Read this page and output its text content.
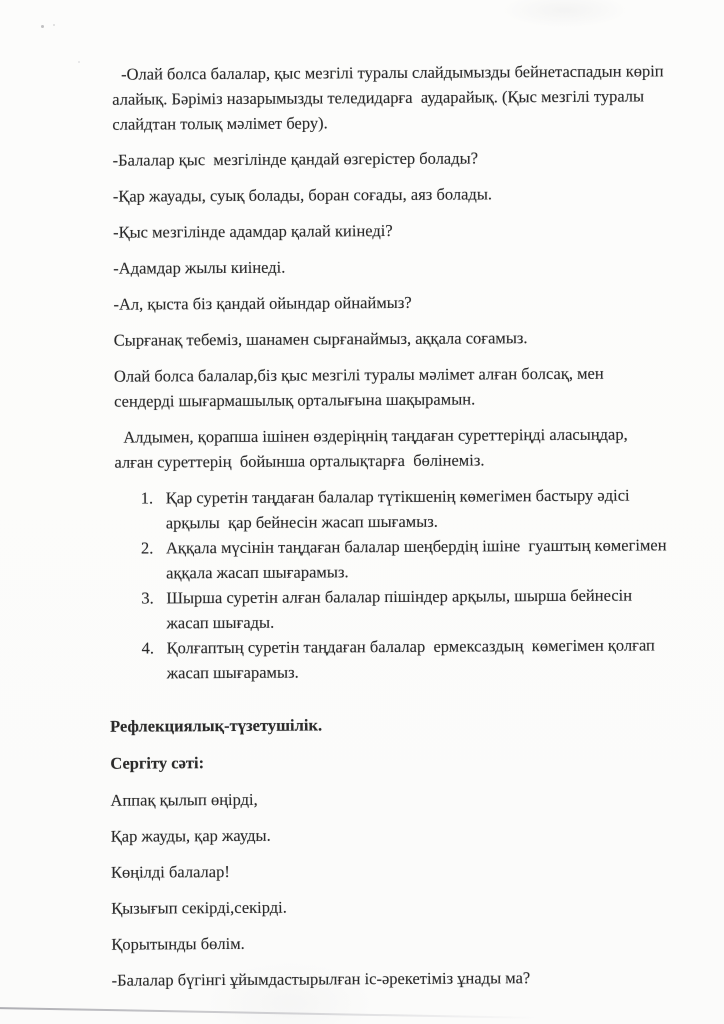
-Олай болса балалар, қыс мезгілі туралы слайдымызды бейнетаспадын көріп алайық. Бәріміз назарымызды теледидарға  аударайық. (Қыс мезгілі туралы слайдтан толық мәлімет беру).

-Балалар қыс  мезгілінде қандай өзгерістер болады?

-Қар жауады, суық болады, боран соғады, аяз болады.

-Қыс мезгілінде адамдар қалай киінеді?

-Адамдар жылы киінеді.

-Ал, қыста біз қандай ойындар ойнаймыз?

Сырғанақ тебеміз, шанамен сырғанаймыз, аққала соғамыз.

Олай болса балалар,біз қыс мезгілі туралы мәлімет алған болсақ, мен сендерді шығармашылық орталығына шақырамын.

Алдымен, қорапша ішінен өздеріңнің таңдаған суреттеріңді аласыңдар, алған суреттерің  бойынша орталықтарға  бөлінеміз.

1. Қар суретін таңдаған балалар түтікшенің көмегімен бастыру әдісі арқылы  қар бейнесін жасап шығамыз.
2. Аққала мүсінін таңдаған балалар шеңбердің ішіне  гуаштың көмегімен аққала жасап шығарамыз.
3. Шырша суретін алған балалар пішіндер арқылы, шырша бейнесін жасап шығады.
4. Қолғаптың суретін таңдаған балалар  ермексаздың  көмегімен қолғап жасап шығарамыз.

Рефлекциялық-түзетушілік.

Сергіту сәті:

Аппақ қылып өңірді,

Қар жауды, қар жауды.

Көңілді балалар!

Қызығып секірді,секірді.

Қорытынды бөлім.

-Балалар бүгінгі ұйымдастырылған іс-әрекетіміз ұнады ма?
